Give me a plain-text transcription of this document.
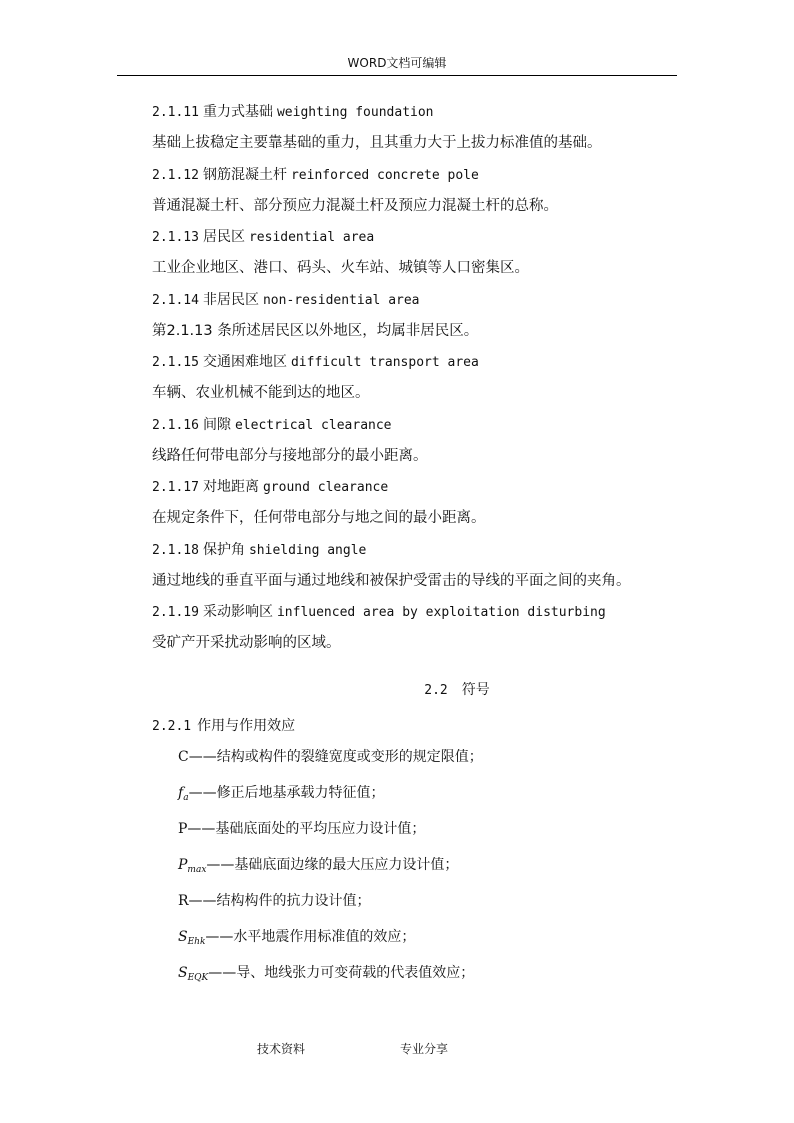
WORD文档可编辑
2.1.11 重力式基础 weighting foundation
基础上拔稳定主要靠基础的重力，且其重力大于上拔力标准值的基础。
2.1.12 钢筋混凝土杆 reinforced concrete pole
普通混凝土杆、部分预应力混凝土杆及预应力混凝土杆的总称。
2.1.13 居民区 residential area
工业企业地区、港口、码头、火车站、城镇等人口密集区。
2.1.14 非居民区 non-residential area
第2.1.13 条所述居民区以外地区，均属非居民区。
2.1.15 交通困难地区 difficult transport area
车辆、农业机械不能到达的地区。
2.1.16 间隙 electrical clearance
线路任何带电部分与接地部分的最小距离。
2.1.17 对地距离 ground clearance
在规定条件下，任何带电部分与地之间的最小距离。
2.1.18 保护角 shielding angle
通过地线的垂直平面与通过地线和被保护受雷击的导线的平面之间的夹角。
2.1.19 采动影响区 influenced area by exploitation disturbing
受矿产开采扰动影响的区域。
2.2 符号
2.2.1 作用与作用效应
C——结构或构件的裂缝宽度或变形的规定限值；
$f_a——$修正后地基承载力特征值；
P——基础底面处的平均压应力设计值；
$P_{max}——$基础底面边缘的最大压应力设计值；
R——结构构件的抗力设计值；
$S_{Ehk}——$水平地震作用标准值的效应；
$S_{EQK}——$导、地线张力可变荷载的代表值效应；
技术资料	专业分享
